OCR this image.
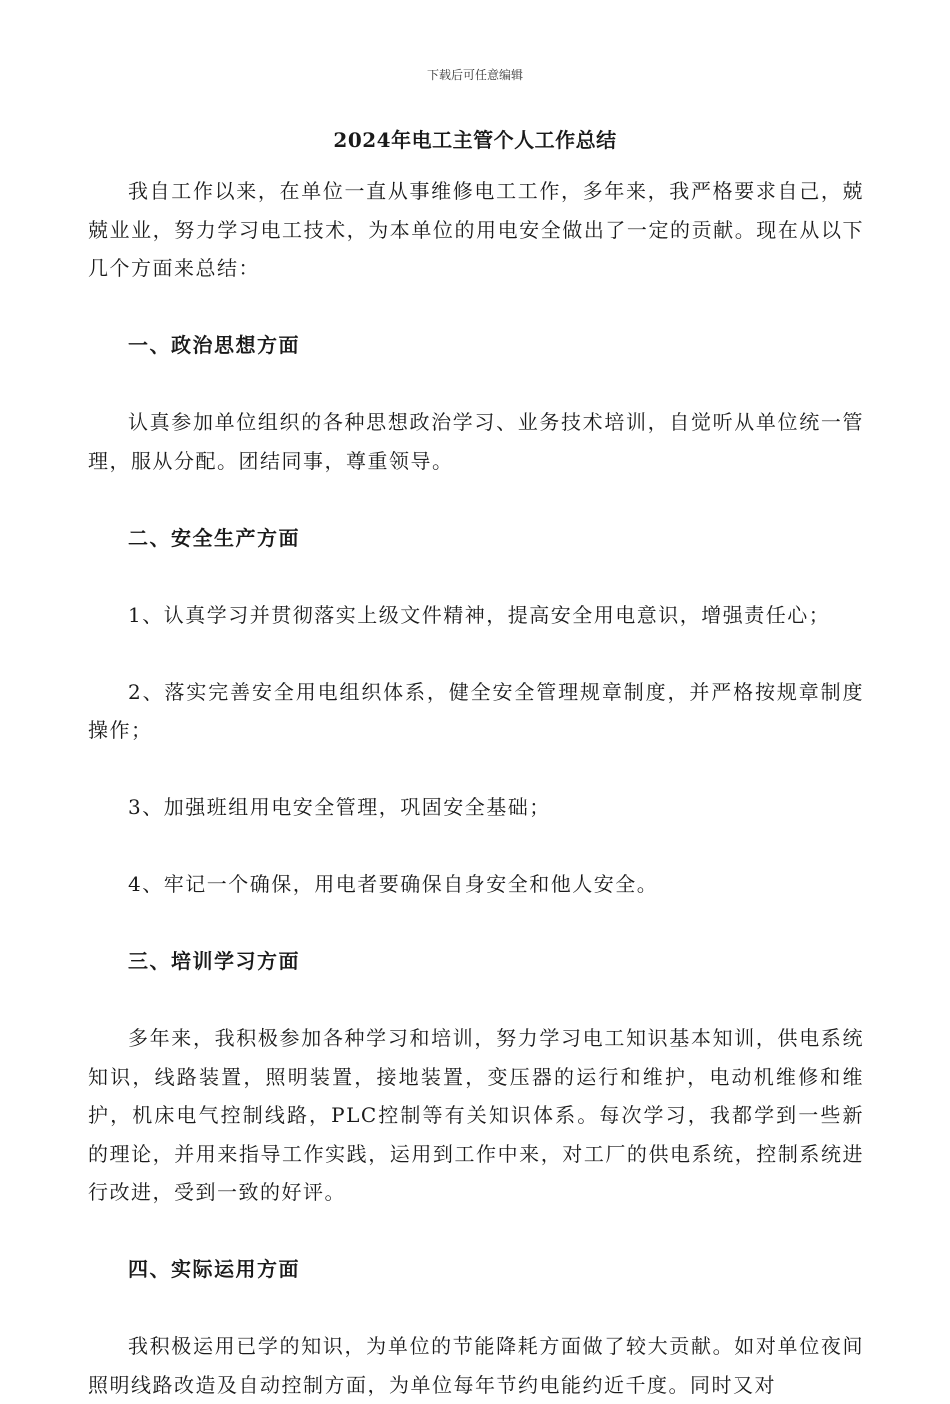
下载后可任意编辑
2024年电工主管个人工作总结

我自工作以来，在单位一直从事维修电工工作，多年来，我严格要求自己，兢兢业业，努力学习电工技术，为本单位的用电安全做出了一定的贡献。现在从以下几个方面来总结：

一、政治思想方面

认真参加单位组织的各种思想政治学习、业务技术培训，自觉听从单位统一管理，服从分配。团结同事，尊重领导。

二、安全生产方面

1、认真学习并贯彻落实上级文件精神，提高安全用电意识，增强责任心；

2、落实完善安全用电组织体系，健全安全管理规章制度，并严格按规章制度操作；

3、加强班组用电安全管理，巩固安全基础；

4、牢记一个确保，用电者要确保自身安全和他人安全。

三、培训学习方面

多年来，我积极参加各种学习和培训，努力学习电工知识基本知训，供电系统知识，线路装置，照明装置，接地装置，变压器的运行和维护，电动机维修和维护，机床电气控制线路，PLC控制等有关知识体系。每次学习，我都学到一些新的理论，并用来指导工作实践，运用到工作中来，对工厂的供电系统，控制系统进行改进，受到一致的好评。

四、实际运用方面

我积极运用已学的知识，为单位的节能降耗方面做了较大贡献。如对单位夜间照明线路改造及自动控制方面，为单位每年节约电能约近千度。同时又对
